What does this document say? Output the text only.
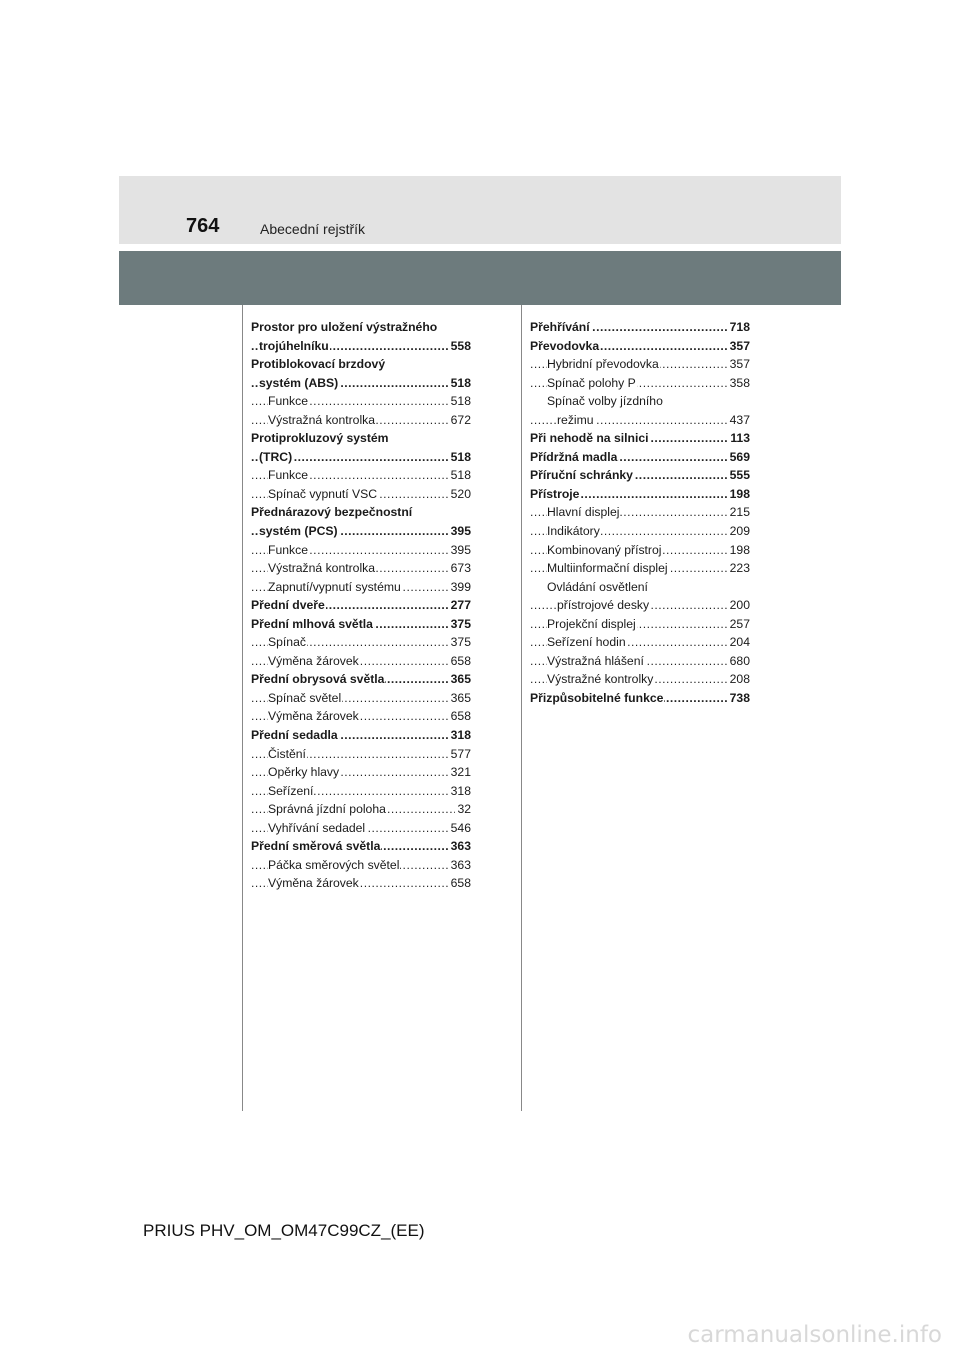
764	Abecední rejstřík
Prostor pro uložení výstražného
trojúhelníku	558
.....
Protiblokovací brzdový
systém (ABS)	518
.....
Funkce	518
.....
Výstražná kontrolka	672
.....
Protiprokluzový systém
(TRC)	518
.....
Funkce	518
.....
Spínač vypnutí VSC	520
.....
Přednárazový bezpečnostní
systém (PCS)	395
.....
Funkce	395
.....
Výstražná kontrolka	673
.....
Zapnutí/vypnutí systému	399
.....
Přední dveře	277
.....
Přední mlhová světla	375
.....
Spínač	375
.....
Výměna žárovek	658
.....
Přední obrysová světla	365
.....
Spínač světel	365
.....
Výměna žárovek	658
.....
Přední sedadla	318
.....
Čistění	577
.....
Opěrky hlavy	321
.....
Seřízení	318
.....
Správná jízdní poloha	32
.....
Vyhřívání sedadel	546
.....
Přední směrová světla	363
.....
Páčka směrových světel	363
.....
Výměna žárovek	658
.....
Přehřívání	718
.....
Převodovka	357
.....
Hybridní převodovka	357
.....
Spínač polohy P	358
.....
Spínač volby jízdního
režimu	437
.....
Při nehodě na silnici	113
.....
Přídržná madla	569
.....
Příruční schránky	555
.....
Přístroje	198
.....
Hlavní displej	215
.....
Indikátory	209
.....
Kombinovaný přístroj	198
.....
Multiinformační displej	223
.....
Ovládání osvětlení
přístrojové desky	200
.....
Projekční displej	257
.....
Seřízení hodin	204
.....
Výstražná hlášení	680
.....
Výstražné kontrolky	208
.....
Přizpůsobitelné funkce	738
.....
PRIUS PHV_OM_OM47C99CZ_(EE)
carmanualsonline.info
